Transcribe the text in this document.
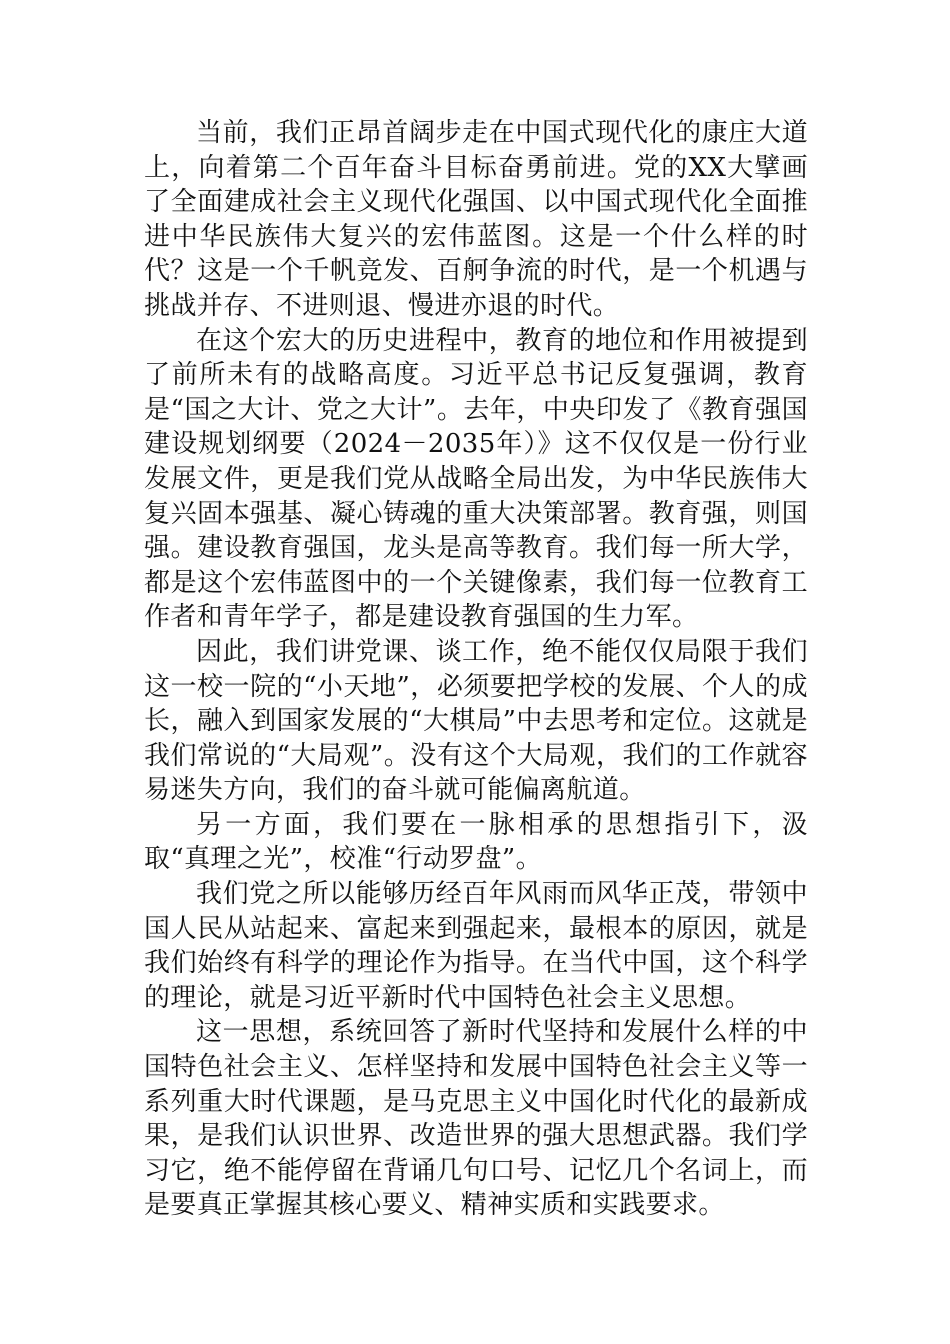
当前，我们正昂首阔步走在中国式现代化的康庄大道上，向着第二个百年奋斗目标奋勇前进。党的XX大擘画了全面建成社会主义现代化强国、以中国式现代化全面推进中华民族伟大复兴的宏伟蓝图。这是一个什么样的时代？这是一个千帆竞发、百舸争流的时代，是一个机遇与挑战并存、不进则退、慢进亦退的时代。

在这个宏大的历史进程中，教育的地位和作用被提到了前所未有的战略高度。习近平总书记反复强调，教育是“国之大计、党之大计”。去年，中央印发了《教育强国建设规划纲要（2024－2035年）》这不仅仅是一份行业发展文件，更是我们党从战略全局出发，为中华民族伟大复兴固本强基、凝心铸魂的重大决策部署。教育强，则国强。建设教育强国，龙头是高等教育。我们每一所大学，都是这个宏伟蓝图中的一个关键像素，我们每一位教育工作者和青年学子，都是建设教育强国的生力军。

因此，我们讲党课、谈工作，绝不能仅仅局限于我们这一校一院的“小天地”，必须要把学校的发展、个人的成长，融入到国家发展的“大棋局”中去思考和定位。这就是我们常说的“大局观”。没有这个大局观，我们的工作就容易迷失方向，我们的奋斗就可能偏离航道。

另一方面，我们要在一脉相承的思想指引下，汲取“真理之光”，校准“行动罗盘”。

我们党之所以能够历经百年风雨而风华正茂，带领中国人民从站起来、富起来到强起来，最根本的原因，就是我们始终有科学的理论作为指导。在当代中国，这个科学的理论，就是习近平新时代中国特色社会主义思想。

这一思想，系统回答了新时代坚持和发展什么样的中国特色社会主义、怎样坚持和发展中国特色社会主义等一系列重大时代课题，是马克思主义中国化时代化的最新成果，是我们认识世界、改造世界的强大思想武器。我们学习它，绝不能停留在背诵几句口号、记忆几个名词上，而是要真正掌握其核心要义、精神实质和实践要求。
